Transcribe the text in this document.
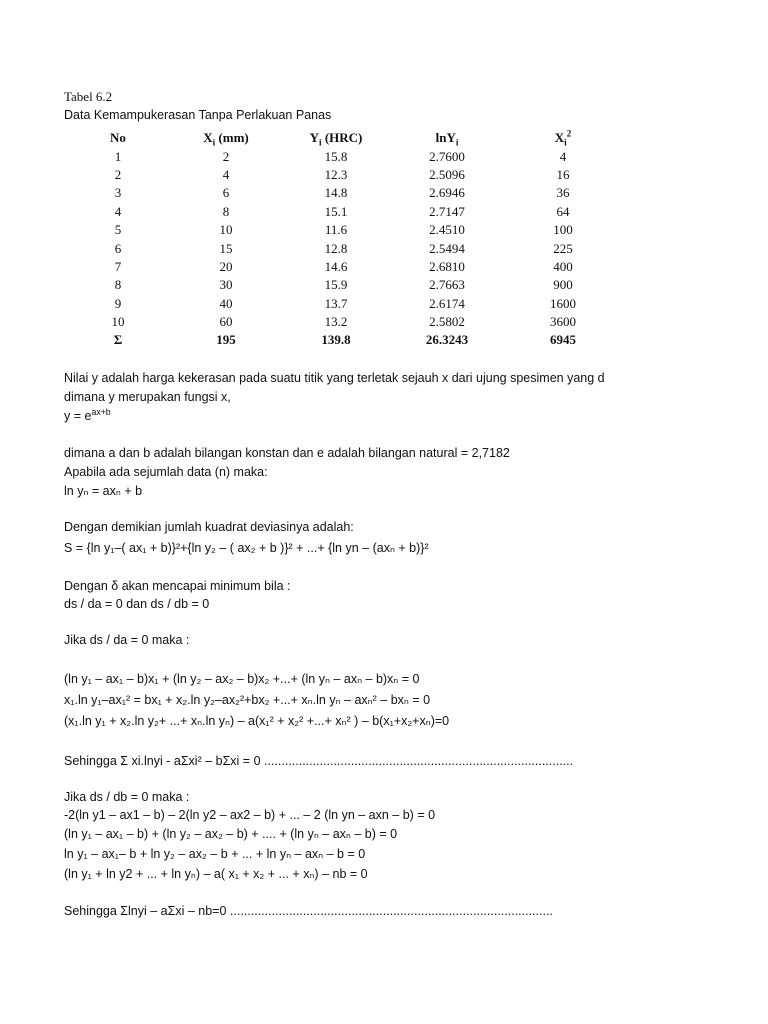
Tabel 6.2
Data Kemampukerasan Tanpa Perlakuan Panas
No	$X_i$ (mm)	$Y_i$ (HRC)	lnY$_i$	$X_i^2$
1	2	15.8	2.7600	4
2	4	12.3	2.5096	16
3	6	14.8	2.6946	36
4	8	15.1	2.7147	64
5	10	11.6	2.4510	100
6	15	12.8	2.5494	225
7	20	14.6	2.6810	400
8	30	15.9	2.7663	900
9	40	13.7	2.6174	1600
10	60	13.2	2.5802	3600
Σ	195	139.8	26.3243	6945
Nilai y adalah harga kekerasan pada suatu titik yang terletak sejauh x dari ujung spesimen yang d
dimana y merupakan fungsi x,
$y = e^{ax+b}$
dimana a dan b adalah bilangan konstan dan e adalah bilangan natural = 2,7182
Apabila ada sejumlah data (n) maka:
ln yₙ = axₙ + b
Dengan demikian jumlah kuadrat deviasinya adalah:
S = {ln y₁–( ax₁ + b)}²+{ln y₂ – ( ax₂ + b )}² + ...+ {ln yn – (axₙ + b)}²
Dengan δ akan mencapai minimum bila :
ds / da = 0 dan ds / db = 0
Jika ds / da = 0 maka :
(ln y₁ – ax₁ – b)x₁ + (ln y₂ – ax₂ – b)x₂ +...+ (ln yₙ – axₙ – b)xₙ = 0
x₁.ln y₁–ax₁² = bx₁ + x₂.ln y₂–ax₂²+bx₂ +...+ xₙ.ln yₙ – axₙ² – bxₙ = 0
(x₁.ln y₁ + x₂.ln y₂+ ...+ xₙ.ln yₙ) – a(x₁² + x₂² +...+ xₙ² ) – b(x₁+x₂+xₙ)=0
Sehingga Σ xi.lnyi - aΣxi² – bΣxi = 0 .........................................................................................
Jika ds / db = 0 maka :
-2(ln y1 – ax1 – b) – 2(ln y2 – ax2 – b) + ... – 2 (ln yn – axn – b) = 0
(ln y₁ – ax₁ – b) + (ln y₂ – ax₂ – b) + .... + (ln yₙ – axₙ – b) = 0
ln y₁ – ax₁– b + ln y₂ – ax₂ – b + ... + ln yₙ – axₙ – b = 0
(ln y₁ + ln y2 + ... + ln yₙ) – a( x₁ + x₂ + ... + xₙ) – nb = 0
Sehingga Σlnyi – aΣxi – nb=0 .............................................................................................
